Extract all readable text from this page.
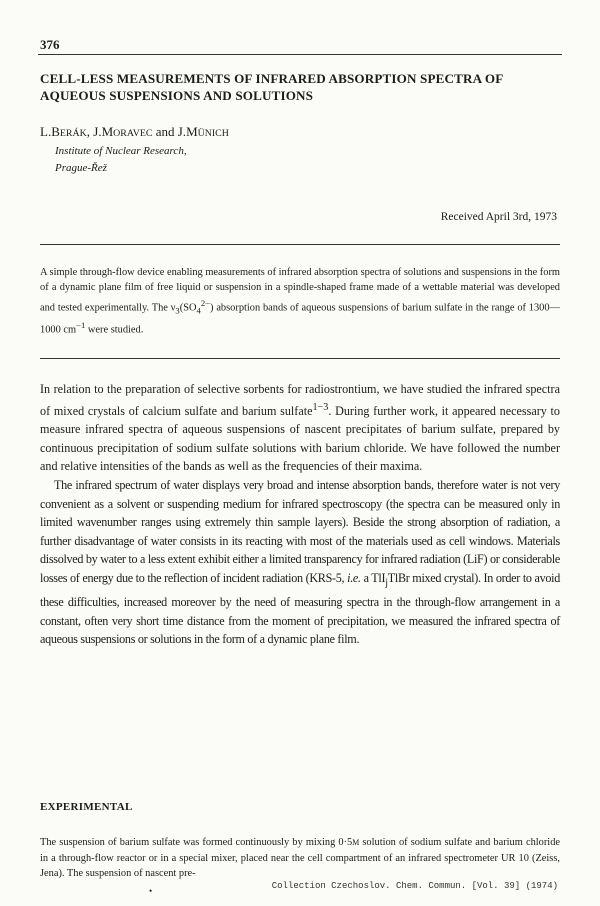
376
CELL-LESS MEASUREMENTS OF INFRARED ABSORPTION SPECTRA OF AQUEOUS SUSPENSIONS AND SOLUTIONS
L.BERÁK, J.MORAVEC and J.MÜNICH
Institute of Nuclear Research,
Prague-Řež
Received April 3rd, 1973

A simple through-flow device enabling measurements of infrared absorption spectra of solutions and suspensions in the form of a dynamic plane film of free liquid or suspension in a spindle-shaped frame made of a wettable material was developed and tested experimentally. The $\nu_3(SO_4^{2-})$ absorption bands of aqueous suspensions of barium sulfate in the range of 1300—1000 $cm^{-1}$ were studied.

In relation to the preparation of selective sorbents for radiostrontium, we have studied the infrared spectra of mixed crystals of calcium sulfate and barium sulfate$^{1-3}$. During further work, it appeared necessary to measure infrared spectra of aqueous suspensions of nascent precipitates of barium sulfate, prepared by continuous precipitation of sodium sulfate solutions with barium chloride. We have followed the number and relative intensities of the bands as well as the frequencies of their maxima.

The infrared spectrum of water displays very broad and intense absorption bands, therefore water is not very convenient as a solvent or suspending medium for infrared spectroscopy (the spectra can be measured only in limited wavenumber ranges using extremely thin sample layers). Beside the strong absorption of radiation, a further disadvantage of water consists in its reacting with most of the materials used as cell windows. Materials dissolved by water to a less extent exhibit either a limited transparency for infrared radiation (LiF) or considerable losses of energy due to the reflection of incident radiation (KRS-5, i.e. a TlI$_j$TlBr mixed crystal). In order to avoid these difficulties, increased moreover by the need of measuring spectra in the through-flow arrangement in a constant, often very short time distance from the moment of precipitation, we measured the infrared spectra of aqueous suspensions or solutions in the form of a dynamic plane film.

EXPERIMENTAL

The suspension of barium sulfate was formed continuously by mixing 0·5M solution of sodium sulfate and barium chloride in a through-flow reactor or in a special mixer, placed near the cell compartment of an infrared spectrometer UR 10 (Zeiss, Jena). The suspension of nascent pre-

•	Collection Czechoslov. Chem. Commun. [Vol. 39] (1974)
